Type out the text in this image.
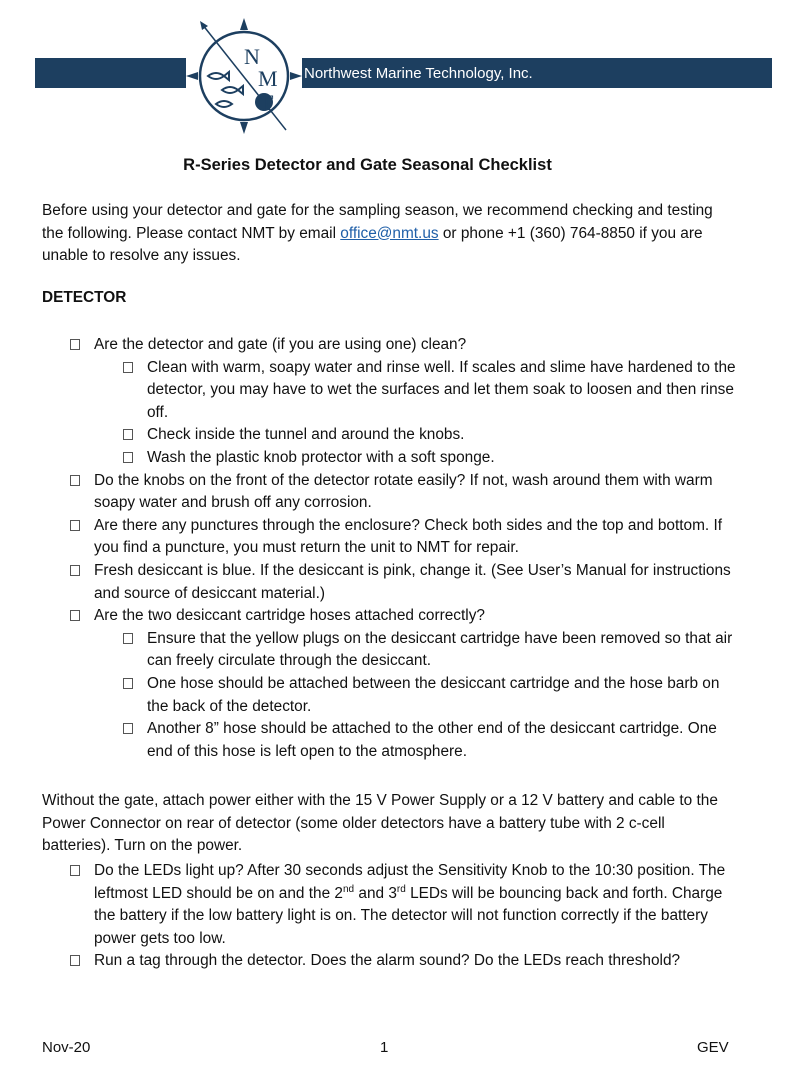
N
M
T
Northwest Marine Technology, Inc.
R-Series Detector and Gate Seasonal Checklist
Before using your detector and gate for the sampling season, we recommend checking and testing the following. Please contact NMT by email office@nmt.us or phone +1 (360) 764-8850 if you are unable to resolve any issues.
DETECTOR
Are the detector and gate (if you are using one) clean?
Clean with warm, soapy water and rinse well. If scales and slime have hardened to the detector, you may have to wet the surfaces and let them soak to loosen and then rinse off.
Check inside the tunnel and around the knobs.
Wash the plastic knob protector with a soft sponge.
Do the knobs on the front of the detector rotate easily? If not, wash around them with warm soapy water and brush off any corrosion.
Are there any punctures through the enclosure? Check both sides and the top and bottom. If you find a puncture, you must return the unit to NMT for repair.
Fresh desiccant is blue. If the desiccant is pink, change it. (See User’s Manual for instructions and source of desiccant material.)
Are the two desiccant cartridge hoses attached correctly?
Ensure that the yellow plugs on the desiccant cartridge have been removed so that air can freely circulate through the desiccant.
One hose should be attached between the desiccant cartridge and the hose barb on the back of the detector.
Another 8” hose should be attached to the other end of the desiccant cartridge. One end of this hose is left open to the atmosphere.
Without the gate, attach power either with the 15 V Power Supply or a 12 V battery and cable to the Power Connector on rear of detector (some older detectors have a battery tube with 2 c-cell batteries). Turn on the power.
Do the LEDs light up? After 30 seconds adjust the Sensitivity Knob to the 10:30 position. The leftmost LED should be on and the 2nd and 3rd LEDs will be bouncing back and forth. Charge the battery if the low battery light is on. The detector will not function correctly if the battery power gets too low.
Run a tag through the detector. Does the alarm sound? Do the LEDs reach threshold?
Nov-20	1	GEV
